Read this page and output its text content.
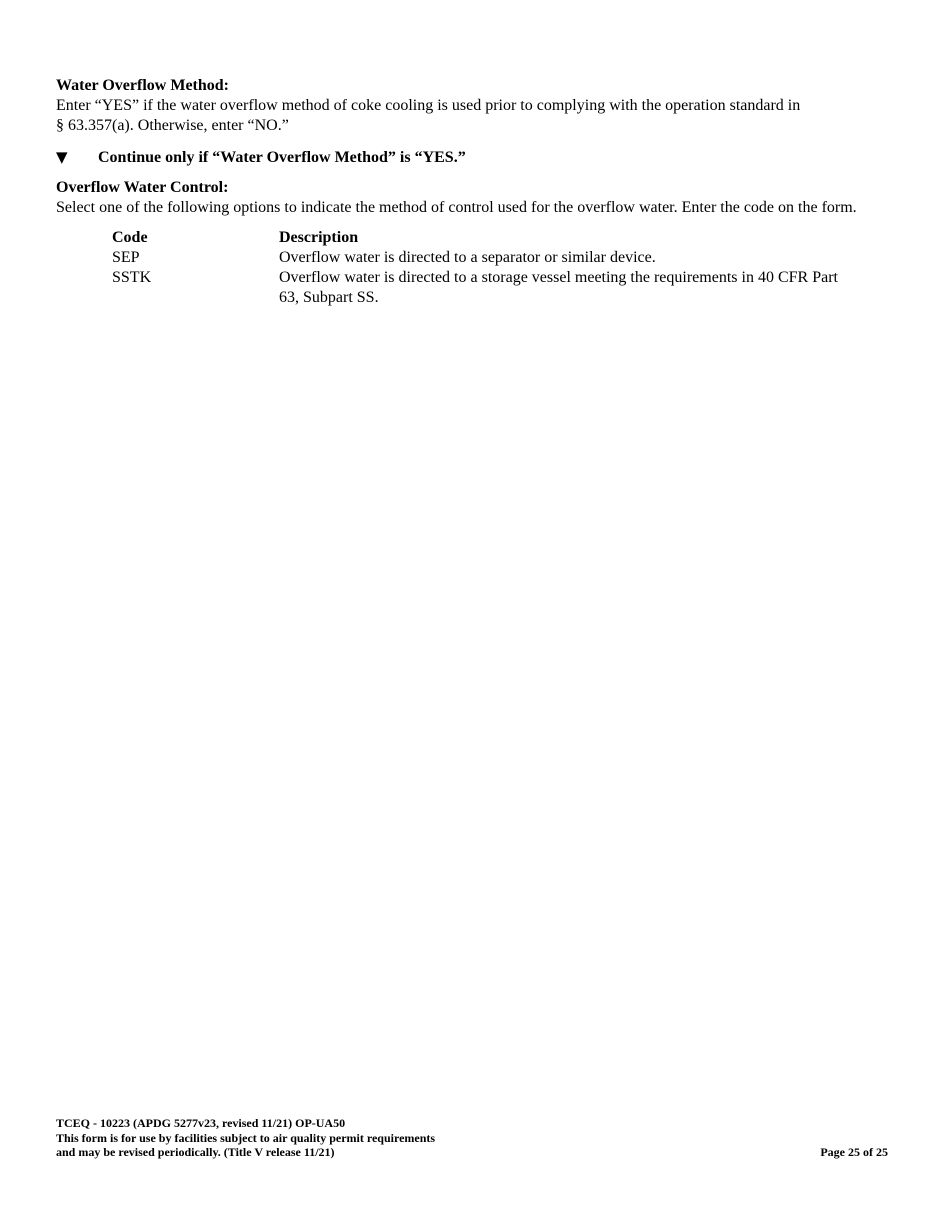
Water Overflow Method:

Enter “YES” if the water overflow method of coke cooling is used prior to complying with the operation standard in
§ 63.357(a). Otherwise, enter “NO.”

▼	Continue only if “Water Overflow Method” is “YES.”

Overflow Water Control:

Select one of the following options to indicate the method of control used for the overflow water. Enter the code on the form.

Code	Description
SEP	Overflow water is directed to a separator or similar device.
SSTK	Overflow water is directed to a storage vessel meeting the requirements in 40 CFR Part 63, Subpart SS.
TCEQ - 10223 (APDG 5277v23, revised 11/21) OP-UA50
This form is for use by facilities subject to air quality permit requirements
and may be revised periodically. (Title V release 11/21)	Page 25 of 25
